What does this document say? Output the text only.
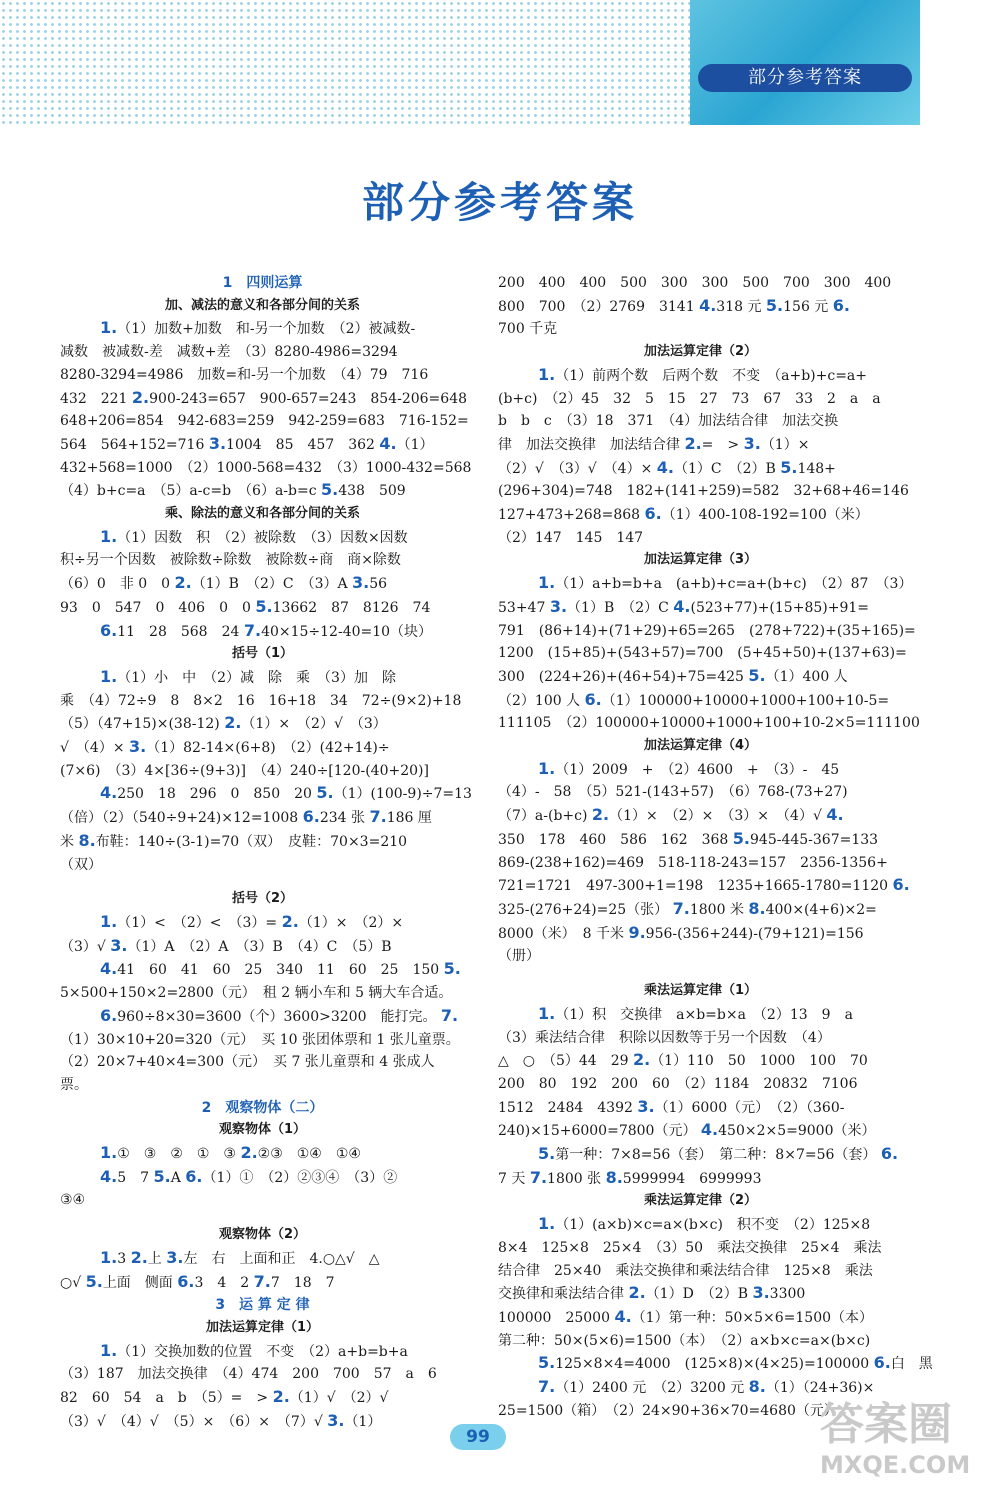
部分参考答案
部分参考答案
1　四则运算
加、减法的意义和各部分间的关系
1.（1）加数+加数　和-另一个加数　（2）被减数-
减数　被减数-差　减数+差　（3）8280-4986=3294
8280-3294=4986　加数=和-另一个加数　（4）79　716
432　221 2.900-243=657　900-657=243　854-206=648
648+206=854　942-683=259　942-259=683　716-152=
564　564+152=716 3.1004　85　457　362 4.（1）
432+568=1000　（2）1000-568=432　（3）1000-432=568
（4）b+c=a　（5）a-c=b　（6）a-b=c 5.438　509
乘、除法的意义和各部分间的关系
1.（1）因数　积　（2）被除数　（3）因数×因数
积÷另一个因数　被除数÷除数　被除数÷商　商×除数
（6）0　非 0　0 2.（1）B　（2）C　（3）A 3.56
93　0　547　0　406　0　0 5.13662　87　8126　74
6.11　28　568　24 7.40×15÷12-40=10（块）
括号（1）
1.（1）小　中　（2）减　除　乘　（3）加　除
乘　（4）72÷9　8　8×2　16　16+18　34　72÷(9×2)+18
（5）（47+15)×(38-12) 2.（1）×　（2）√　（3）
√　（4）× 3.（1）82-14×(6+8)　（2）(42+14)÷
(7×6)　（3）4×[36÷(9+3)]　（4）240÷[120-(40+20)]
4.250　18　296　0　850　20 5.（1）(100-9)÷7=13
（倍）（2）（540÷9+24)×12=1008 6.234 张 7.186 厘
米 8.布鞋：140÷(3-1)=70（双）　皮鞋：70×3=210
（双）
括号（2）
1.（1）<　（2）<　（3）= 2.（1）×　（2）×
（3）√ 3.（1）A　（2）A　（3）B　（4）C　（5）B
4.41　60　41　60　25　340　11　60　25　150 5.
5×500+150×2=2800（元）　租 2 辆小车和 5 辆大车合适。
6.960÷8×30=3600（个）3600>3200　能打完。 7.
（1）30×10+20=320（元）　买 10 张团体票和 1 张儿童票。
（2）20×7+40×4=300（元）　买 7 张儿童票和 4 张成人
票。
2　观察物体（二）
观察物体（1）
1.①　③　②　①　③ 2.②③　①④　①④
4.5　7 5.A 6.（1）①　（2）②③④　（3）②
③④
观察物体（2）
1.3 2.上 3.左　右　上面和正　4.○△√　△
○√ 5.上面　侧面 6.3　4　2 7.7　18　7
3　运 算 定 律
加法运算定律（1）
1.（1）交换加数的位置　不变　（2）a+b=b+a
（3）187　加法交换律　（4）474　200　700　57　a　6
82　60　54　a　b　（5）=　> 2.（1）√　（2）√
（3）√　（4）√　（5）×　（6）×　（7）√ 3.（1）
200　400　400　500　300　300　500　700　300　400
800　700　（2）2769　3141 4.318 元 5.156 元 6.
700 千克
加法运算定律（2）
1.（1）前两个数　后两个数　不变　（a+b)+c=a+
(b+c)　（2）45　32　5　15　27　73　67　33　2　a　a
b　b　c　（3）18　371　（4）加法结合律　加法交换
律　加法交换律　加法结合律 2.=　> 3.（1）×
（2）√　（3）√　（4）× 4.（1）C　（2）B 5.148+
(296+304)=748　182+(141+259)=582　32+68+46=146
127+473+268=868 6.（1）400-108-192=100（米）
（2）147　145　147
加法运算定律（3）
1.（1）a+b=b+a　(a+b)+c=a+(b+c)　（2）87　（3）
53+47 3.（1）B　（2）C 4.(523+77)+(15+85)+91=
791　(86+14)+(71+29)+65=265　(278+722)+(35+165)=
1200　(15+85)+(543+57)=700　(5+45+50)+(137+63)=
300　(224+26)+(46+54)+75=425 5.（1）400 人
（2）100 人 6.（1）100000+10000+1000+100+10-5=
111105　（2）100000+10000+1000+100+10-2×5=111100
加法运算定律（4）
1.（1）2009　+　（2）4600　+　（3）-　45
（4）-　58　（5）521-(143+57)　（6）768-(73+27)
（7）a-(b+c) 2.（1）×　（2）×　（3）×　（4）√ 4.
350　178　460　586　162　368 5.945-445-367=133
869-(238+162)=469　518-118-243=157　2356-1356+
721=1721　497-300+1=198　1235+1665-1780=1120 6.
325-(276+24)=25（张） 7.1800 米 8.400×(4+6)×2=
8000（米）　8 千米 9.956-(356+244)-(79+121)=156
（册）
乘法运算定律（1）
1.（1）积　交换律　a×b=b×a　（2）13　9　a
（3）乘法结合律　积除以因数等于另一个因数　（4）
△　○　（5）44　29 2.（1）110　50　1000　100　70
200　80　192　200　60　（2）1184　20832　7106
1512　2484　4392 3.（1）6000（元）　（2）（360-
240)×15+6000=7800（元） 4.450×2×5=9000（米）
5.第一种：7×8=56（套）　第二种：8×7=56（套） 6.
7 天 7.1800 张 8.5999994　6999993
乘法运算定律（2）
1.（1）(a×b)×c=a×(b×c)　积不变　（2）125×8
8×4　125×8　25×4　（3）50　乘法交换律　25×4　乘法
结合律　25×40　乘法交换律和乘法结合律　125×8　乘法
交换律和乘法结合律 2.（1）D　（2）B 3.3300
100000　25000 4.（1）第一种：50×5×6=1500（本）
第二种：50×(5×6)=1500（本）　（2）a×b×c=a×(b×c)
5.125×8×4=4000　(125×8)×(4×25)=100000 6.白　黑
7.（1）2400 元　（2）3200 元 8.（1）（24+36)×
25=1500（箱）　（2）24×90+36×70=4680（元）
99	答案圈
MXQE.COM
